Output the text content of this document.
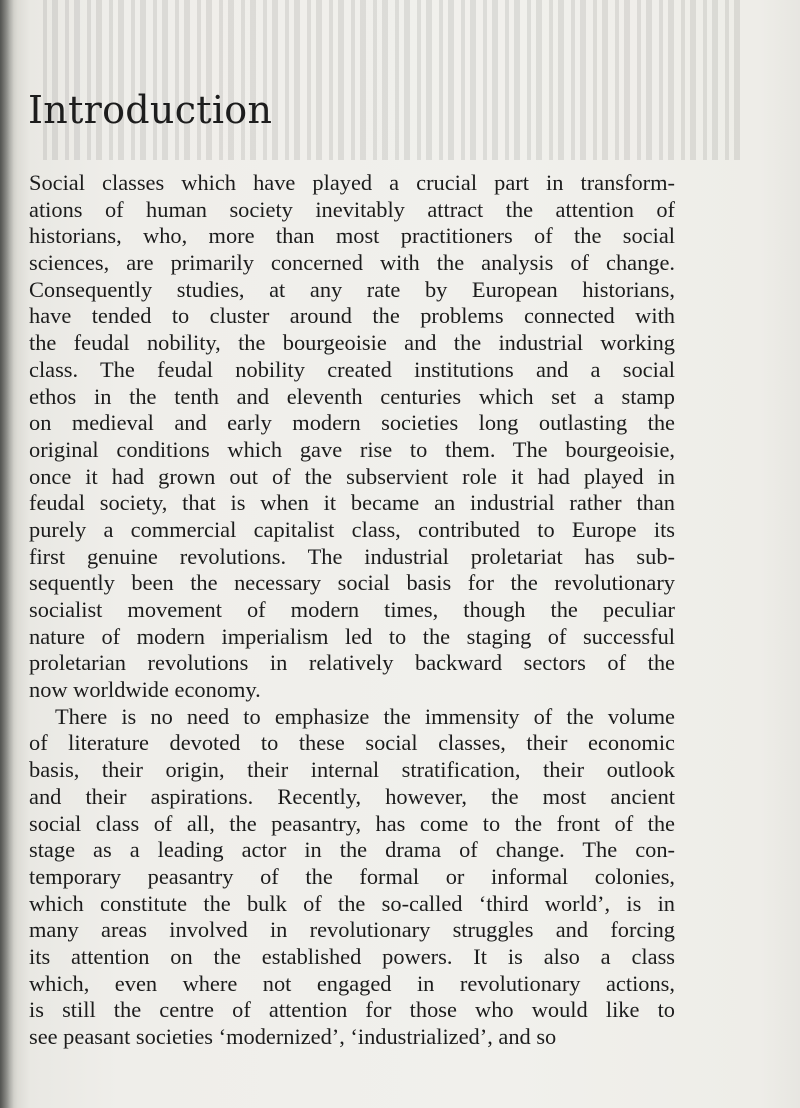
Introduction
Social classes which have played a crucial part in transform-
ations of human society inevitably attract the attention of
historians, who, more than most practitioners of the social
sciences, are primarily concerned with the analysis of change.
Consequently studies, at any rate by European historians,
have tended to cluster around the problems connected with
the feudal nobility, the bourgeoisie and the industrial working
class. The feudal nobility created institutions and a social
ethos in the tenth and eleventh centuries which set a stamp
on medieval and early modern societies long outlasting the
original conditions which gave rise to them. The bourgeoisie,
once it had grown out of the subservient role it had played in
feudal society, that is when it became an industrial rather than
purely a commercial capitalist class, contributed to Europe its
first genuine revolutions. The industrial proletariat has sub-
sequently been the necessary social basis for the revolutionary
socialist movement of modern times, though the peculiar
nature of modern imperialism led to the staging of successful
proletarian revolutions in relatively backward sectors of the
now worldwide economy.
There is no need to emphasize the immensity of the volume
of literature devoted to these social classes, their economic
basis, their origin, their internal stratification, their outlook
and their aspirations. Recently, however, the most ancient
social class of all, the peasantry, has come to the front of the
stage as a leading actor in the drama of change. The con-
temporary peasantry of the formal or informal colonies,
which constitute the bulk of the so-called ‘third world’, is in
many areas involved in revolutionary struggles and forcing
its attention on the established powers. It is also a class
which, even where not engaged in revolutionary actions,
is still the centre of attention for those who would like to
see peasant societies ‘modernized’, ‘industrialized’, and so
